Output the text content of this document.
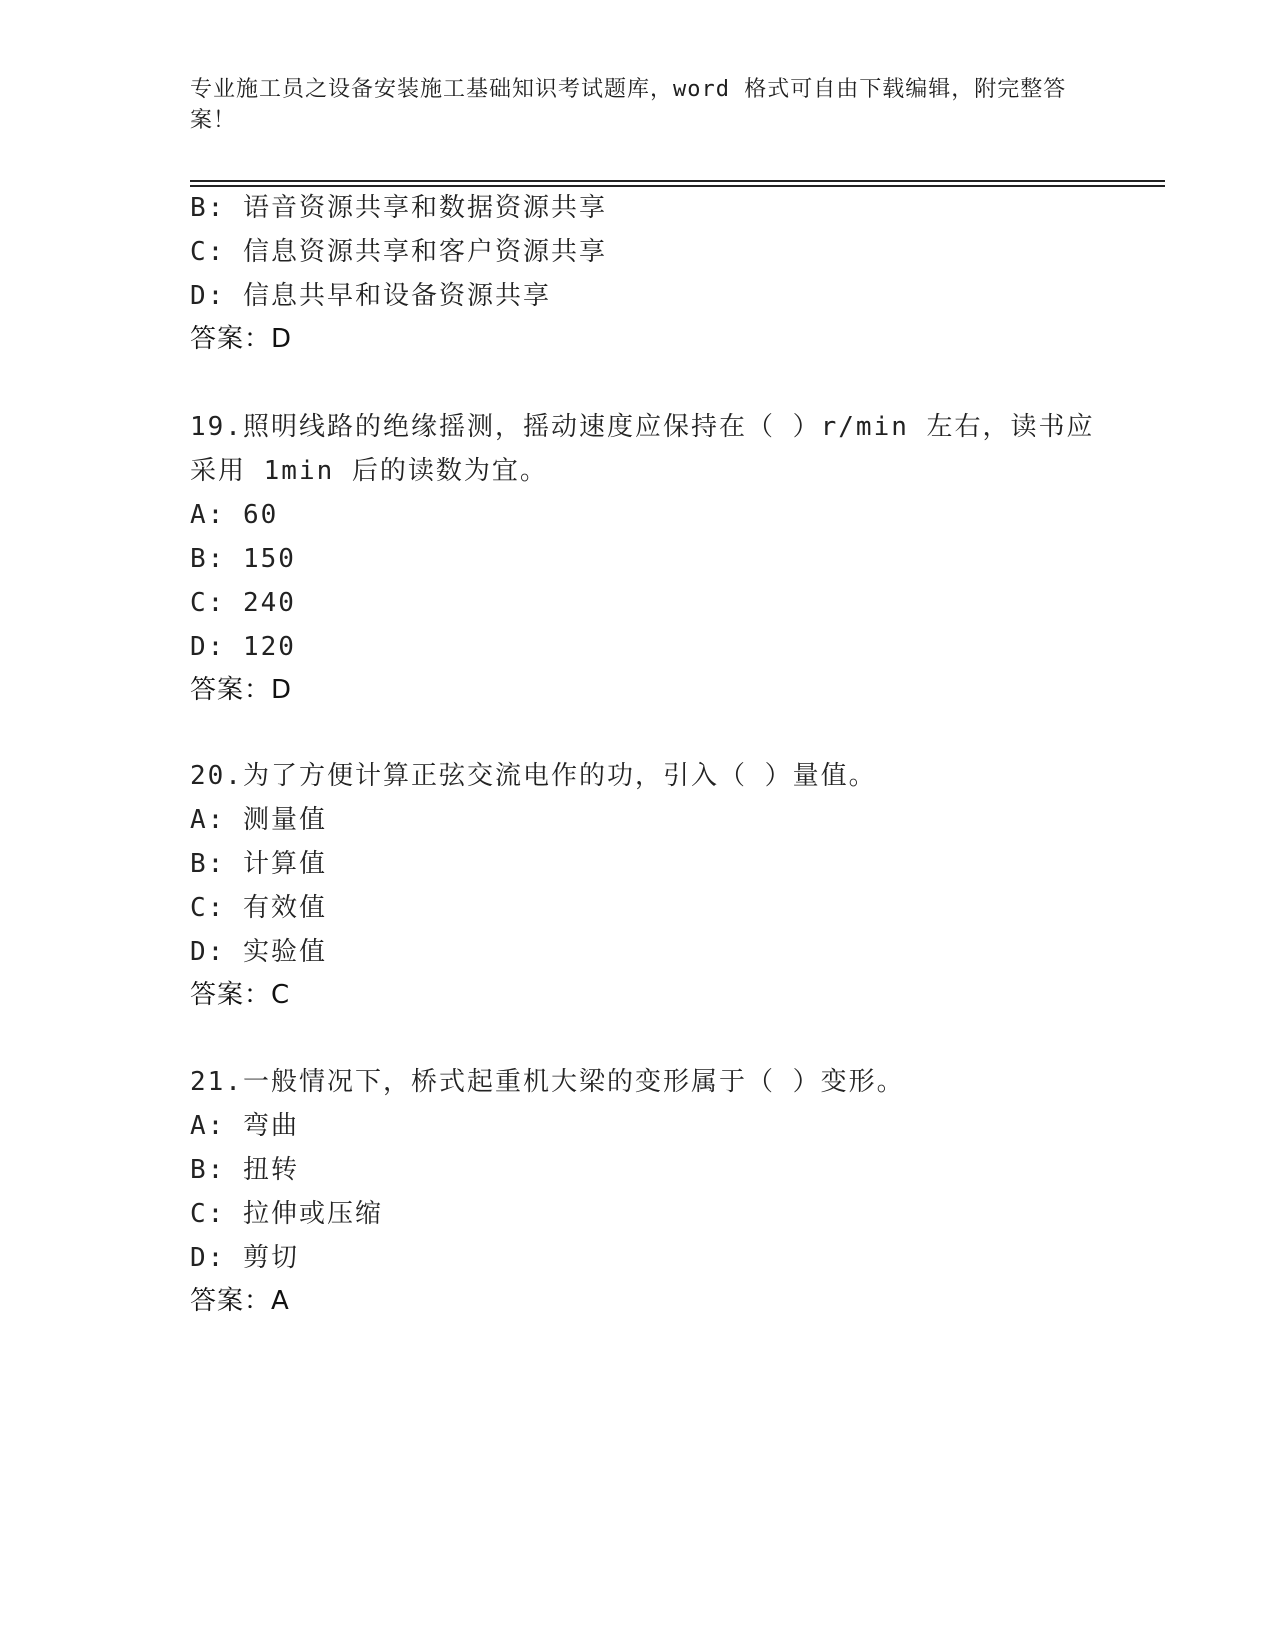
专业施工员之设备安装施工基础知识考试题库，word 格式可自由下载编辑，附完整答案！
B: 语音资源共享和数据资源共享
C: 信息资源共享和客户资源共享
D: 信息共早和设备资源共享
答案：D
19.照明线路的绝缘摇测，摇动速度应保持在（ ）r/min 左右，读书应
采用 1min 后的读数为宜。
A: 60
B: 150
C: 240
D: 120
答案：D
20.为了方便计算正弦交流电作的功，引入（ ）量值。
A: 测量值
B: 计算值
C: 有效值
D: 实验值
答案：C
21.一般情况下，桥式起重机大梁的变形属于（ ）变形。
A: 弯曲
B: 扭转
C: 拉伸或压缩
D: 剪切
答案：A
